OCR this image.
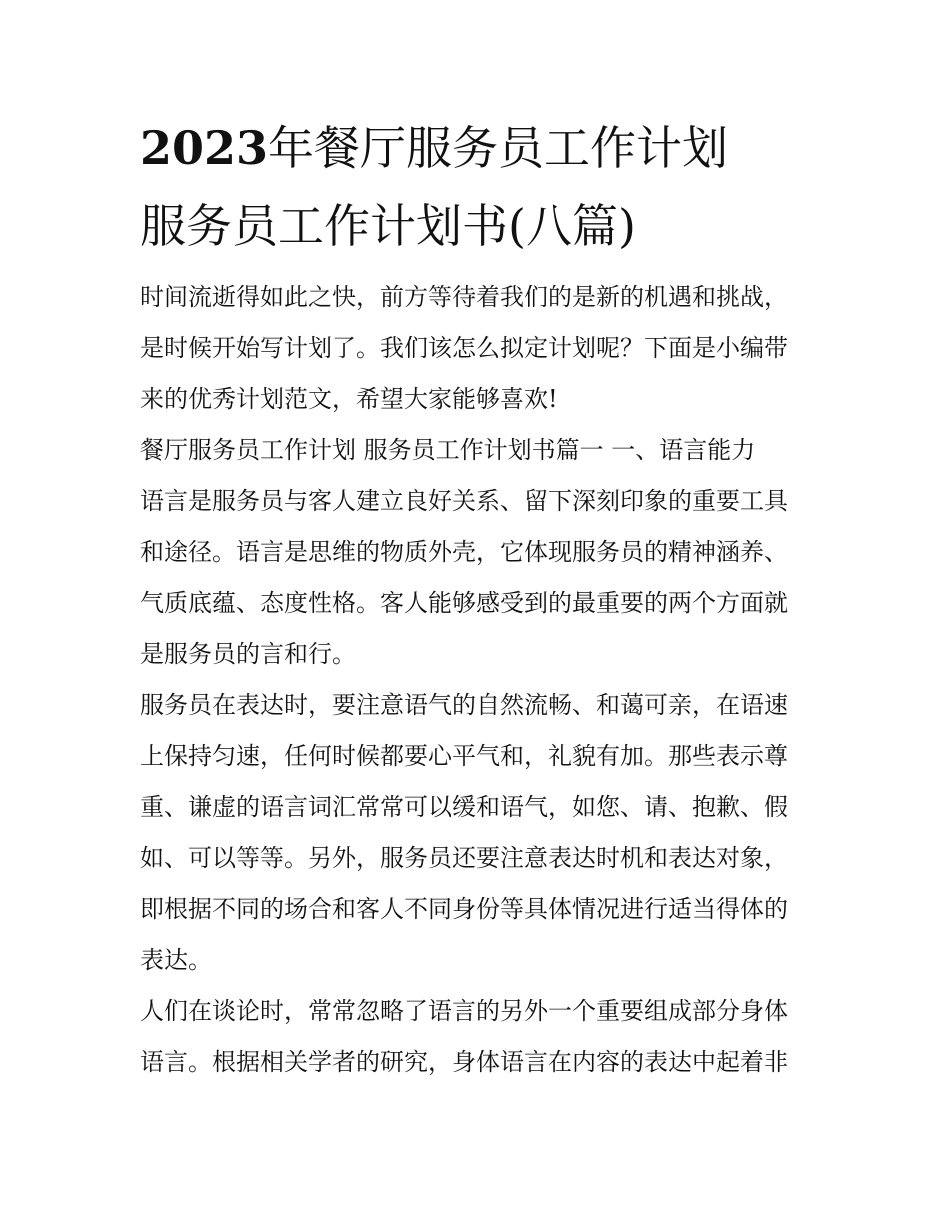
2023年餐厅服务员工作计划
服务员工作计划书(八篇)
时间流逝得如此之快，前方等待着我们的是新的机遇和挑战，
是时候开始写计划了。我们该怎么拟定计划呢？下面是小编带
来的优秀计划范文，希望大家能够喜欢!
餐厅服务员工作计划 服务员工作计划书篇一 一、语言能力
语言是服务员与客人建立良好关系、留下深刻印象的重要工具
和途径。语言是思维的物质外壳，它体现服务员的精神涵养、
气质底蕴、态度性格。客人能够感受到的最重要的两个方面就
是服务员的言和行。
服务员在表达时，要注意语气的自然流畅、和蔼可亲，在语速
上保持匀速，任何时候都要心平气和，礼貌有加。那些表示尊
重、谦虚的语言词汇常常可以缓和语气，如您、请、抱歉、假
如、可以等等。另外，服务员还要注意表达时机和表达对象，
即根据不同的场合和客人不同身份等具体情况进行适当得体的
表达。
人们在谈论时，常常忽略了语言的另外一个重要组成部分身体
语言。根据相关学者的研究，身体语言在内容的表达中起着非
